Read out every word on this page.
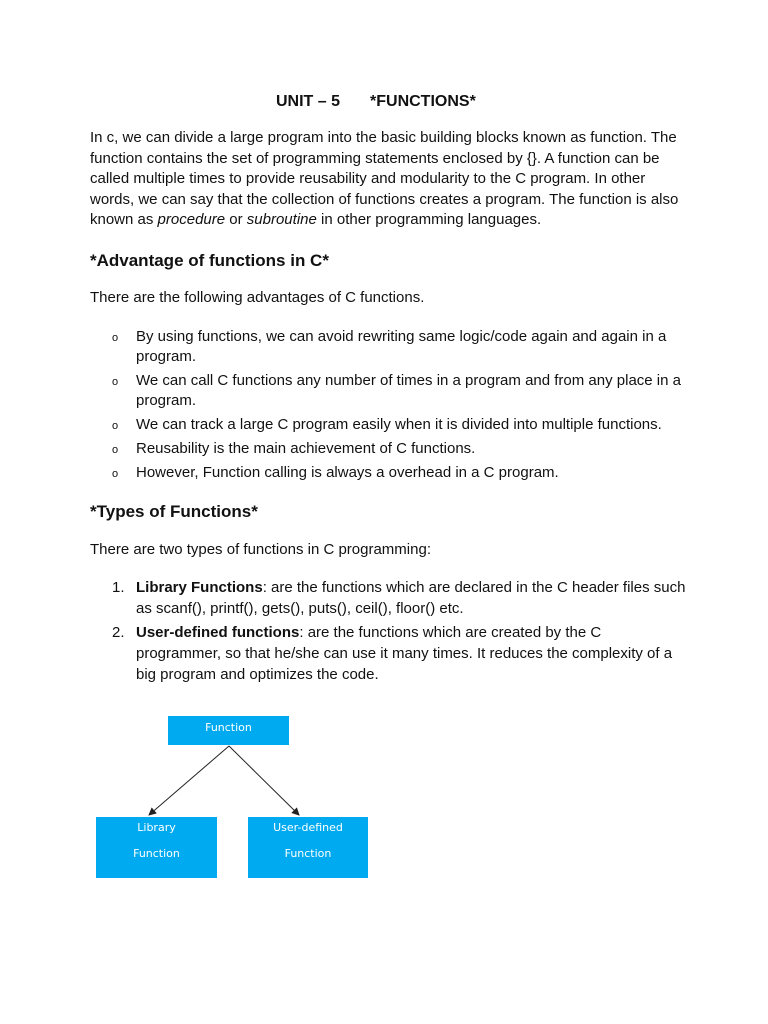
UNIT – 5 *FUNCTIONS*

In c, we can divide a large program into the basic building blocks known as function. The function contains the set of programming statements enclosed by {}. A function can be called multiple times to provide reusability and modularity to the C program. In other words, we can say that the collection of functions creates a program. The function is also known as procedure or subroutine in other programming languages.

*Advantage of functions in C*

There are the following advantages of C functions.

o By using functions, we can avoid rewriting same logic/code again and again in a program.
o We can call C functions any number of times in a program and from any place in a program.
o We can track a large C program easily when it is divided into multiple functions.
o Reusability is the main achievement of C functions.
o However, Function calling is always a overhead in a C program.
*Types of Functions*

There are two types of functions in C programming:

1. Library Functions: are the functions which are declared in the C header files such as scanf(), printf(), gets(), puts(), ceil(), floor() etc.
2. User-defined functions: are the functions which are created by the C programmer, so that he/she can use it many times. It reduces the complexity of a big program and optimizes the code.
Function
Library
Function
User-defined
Function
